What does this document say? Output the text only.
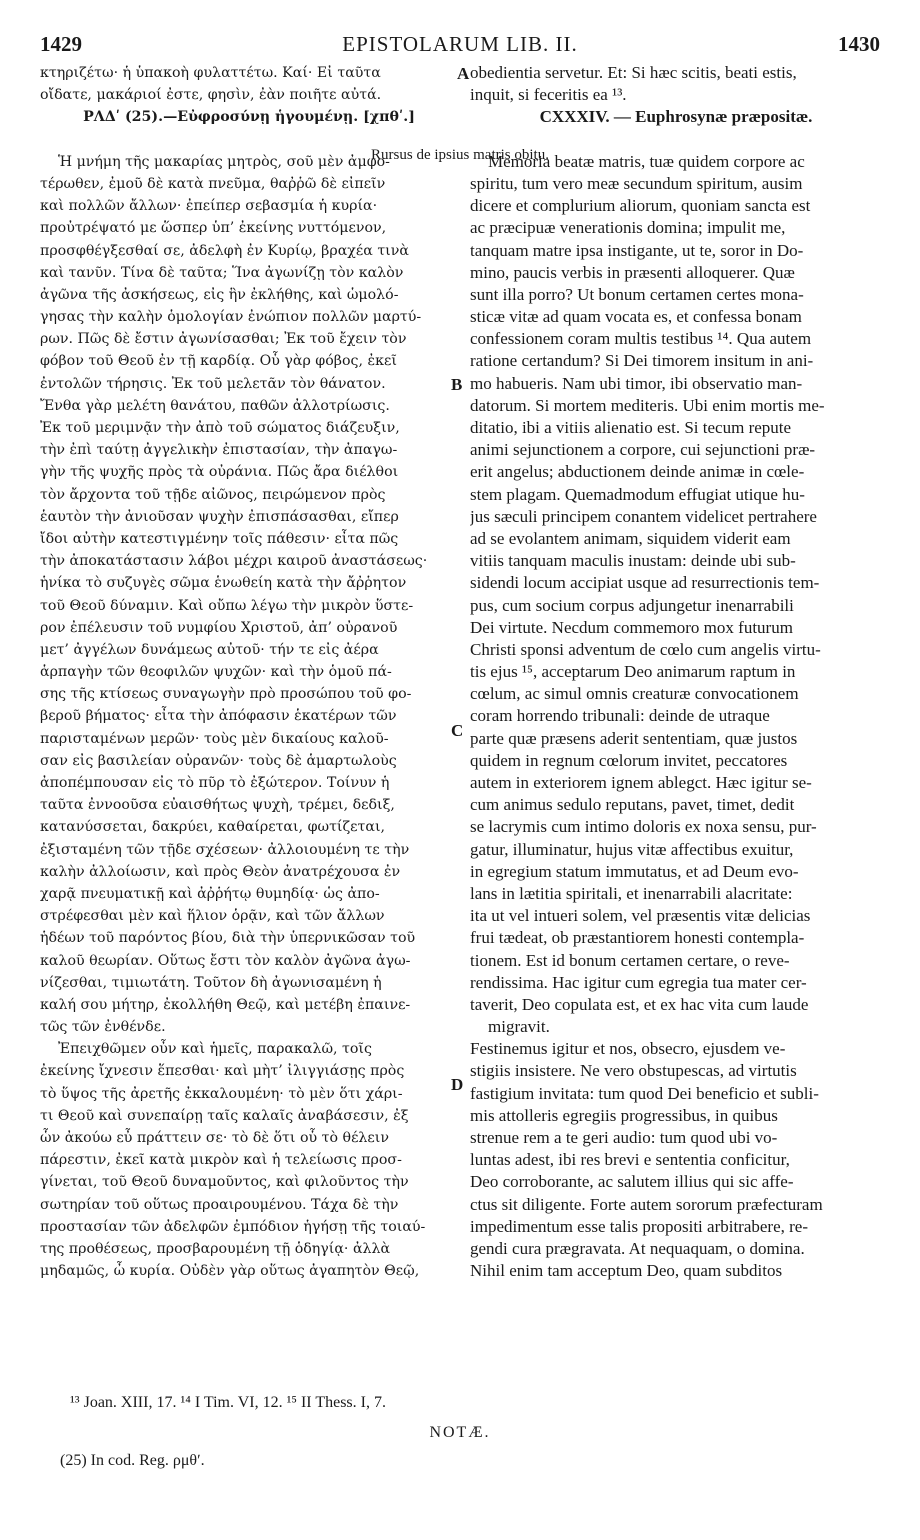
1429	EPISTOLARUM LIB. II.	1430
κτηριζέτω· ἡ ὑπακοὴ φυλαττέτω. Καί· Εἰ ταῦτα
οἴδατε, μακάριοί ἐστε, φησὶν, ἐὰν ποιῆτε αὐτά.
ΡΛΔʹ (25).—Εὐφροσύνῃ ἡγουμένῃ. [χπθʹ.]
Ἡ μνήμη τῆς μακαρίας μητρὸς, σοῦ μὲν ἀμφο-
τέρωθεν, ἐμοῦ δὲ κατὰ πνεῦμα, θαῤῥῶ δὲ εἰπεῖν
καὶ πολλῶν ἄλλων· ἐπείπερ σεβασμία ἡ κυρία·
προὐτρέψατό με ὥσπερ ὑπ’ ἐκείνης νυττόμενον,
προσφθέγξεσθαί σε, ἀδελφὴ ἐν Κυρίῳ, βραχέα τινὰ
καὶ τανῦν. Τίνα δὲ ταῦτα; Ἵνα ἀγωνίζῃ τὸν καλὸν
ἀγῶνα τῆς ἀσκήσεως, εἰς ἣν ἐκλήθης, καὶ ὡμολό-
γησας τὴν καλὴν ὁμολογίαν ἐνώπιον πολλῶν μαρτύ-
ρων. Πῶς δὲ ἔστιν ἀγωνίσασθαι; Ἐκ τοῦ ἔχειν τὸν
φόβον τοῦ Θεοῦ ἐν τῇ καρδίᾳ. Οὗ γὰρ φόβος, ἐκεῖ
ἐντολῶν τήρησις. Ἐκ τοῦ μελετᾶν τὸν θάνατον.
Ἔνθα γὰρ μελέτη θανάτου, παθῶν ἀλλοτρίωσις.
Ἐκ τοῦ μεριμνᾷν τὴν ἀπὸ τοῦ σώματος διάζευξιν,
τὴν ἐπὶ ταύτῃ ἀγγελικὴν ἐπιστασίαν, τὴν ἀπαγω-
γὴν τῆς ψυχῆς πρὸς τὰ οὐράνια. Πῶς ἄρα διέλθοι
τὸν ἄρχοντα τοῦ τῇδε αἰῶνος, πειρώμενον πρὸς
ἑαυτὸν τὴν ἀνιοῦσαν ψυχὴν ἐπισπάσασθαι, εἴπερ
ἴδοι αὐτὴν κατεστιγμένην τοῖς πάθεσιν· εἶτα πῶς
τὴν ἀποκατάστασιν λάβοι μέχρι καιροῦ ἀναστάσεως·
ἡνίκα τὸ συζυγὲς σῶμα ἑνωθείη κατὰ τὴν ἄῤῥητον
τοῦ Θεοῦ δύναμιν. Καὶ οὔπω λέγω τὴν μικρὸν ὕστε-
ρον ἐπέλευσιν τοῦ νυμφίου Χριστοῦ, ἀπ’ οὐρανοῦ
μετ’ ἀγγέλων δυνάμεως αὐτοῦ· τήν τε εἰς ἀέρα
ἁρπαγὴν τῶν θεοφιλῶν ψυχῶν· καὶ τὴν ὁμοῦ πά-
σης τῆς κτίσεως συναγωγὴν πρὸ προσώπου τοῦ φο-
βεροῦ βήματος· εἶτα τὴν ἀπόφασιν ἑκατέρων τῶν
παρισταμένων μερῶν· τοὺς μὲν δικαίους καλοῦ-
σαν εἰς βασιλείαν οὐρανῶν· τοὺς δὲ ἁμαρτωλοὺς
ἀποπέμπουσαν εἰς τὸ πῦρ τὸ ἐξώτερον. Τοίνυν ἡ
ταῦτα ἐννοοῦσα εὐαισθήτως ψυχὴ, τρέμει, δεδιξ,
κατανύσσεται, δακρύει, καθαίρεται, φωτίζεται,
ἐξισταμένη τῶν τῇδε σχέσεων· ἀλλοιουμένη τε τὴν
καλὴν ἀλλοίωσιν, καὶ πρὸς Θεὸν ἀνατρέχουσα ἐν
χαρᾷ πνευματικῇ καὶ ἀῤῥήτῳ θυμηδίᾳ· ὡς ἀπο-
στρέφεσθαι μὲν καὶ ἥλιον ὁρᾷν, καὶ τῶν ἄλλων
ἡδέων τοῦ παρόντος βίου, διὰ τὴν ὑπερνικῶσαν τοῦ
καλοῦ θεωρίαν. Οὕτως ἔστι τὸν καλὸν ἀγῶνα ἀγω-
νίζεσθαι, τιμιωτάτη. Τοῦτον δὴ ἀγωνισαμένη ἡ
καλή σου μήτηρ, ἐκολλήθη Θεῷ, καὶ μετέβη ἐπαινε-
τῶς τῶν ἐνθένδε.
Ἐπειχθῶμεν οὖν καὶ ἡμεῖς, παρακαλῶ, τοῖς
ἐκείνης ἴχνεσιν ἕπεσθαι· καὶ μὴτ’ ἰλιγγιάσῃς πρὸς
τὸ ὕψος τῆς ἀρετῆς ἐκκαλουμένη· τὸ μὲν ὅτι χάρι-
τι Θεοῦ καὶ συνεπαίρῃ ταῖς καλαῖς ἀναβάσεσιν, ἐξ
ὧν ἀκούω εὖ πράττειν σε· τὸ δὲ ὅτι οὗ τὸ θέλειν
πάρεστιν, ἐκεῖ κατὰ μικρὸν καὶ ἡ τελείωσις προσ-
γίνεται, τοῦ Θεοῦ δυναμοῦντος, καὶ φιλοῦντος τὴν
σωτηρίαν τοῦ οὕτως προαιρουμένου. Τάχα δὲ τὴν
προστασίαν τῶν ἀδελφῶν ἐμπόδιον ἡγήσῃ τῆς τοιαύ-
της προθέσεως, προσβαρουμένη τῇ ὁδηγίᾳ· ἀλλὰ
μηδαμῶς, ὦ κυρία. Οὐδὲν γὰρ οὕτως ἀγαπητὸν Θεῷ,
obedientia servetur. Et: Si hæc scitis, beati estis,
inquit, si feceritis ea ¹³.
CXXXIV. — Euphrosynæ præpositæ.
Memoria beatæ matris, tuæ quidem corpore ac
spiritu, tum vero meæ secundum spiritum, ausim
dicere et complurium aliorum, quoniam sancta est
ac præcipuæ venerationis domina; impulit me,
tanquam matre ipsa instigante, ut te, soror in Do-
mino, paucis verbis in præsenti alloquerer. Quæ
sunt illa porro? Ut bonum certamen certes mona-
sticæ vitæ ad quam vocata es, et confessa bonam
confessionem coram multis testibus ¹⁴. Qua autem
ratione certandum? Si Dei timorem insitum in ani-
mo habueris. Nam ubi timor, ibi observatio man-
datorum. Si mortem mediteris. Ubi enim mortis me-
ditatio, ibi a vitiis alienatio est. Si tecum repute
animi sejunctionem a corpore, cui sejunctioni præ-
erit angelus; abductionem deinde animæ in cœle-
stem plagam. Quemadmodum effugiat utique hu-
jus sæculi principem conantem videlicet pertrahere
ad se evolantem animam, siquidem viderit eam
vitiis tanquam maculis inustam: deinde ubi sub-
sidendi locum accipiat usque ad resurrectionis tem-
pus, cum socium corpus adjungetur inenarrabili
Dei virtute. Necdum commemoro mox futurum
Christi sponsi adventum de cœlo cum angelis virtu-
tis ejus ¹⁵, acceptarum Deo animarum raptum in
cœlum, ac simul omnis creaturæ convocationem
coram horrendo tribunali: deinde de utraque
parte quæ præsens aderit sententiam, quæ justos
quidem in regnum cœlorum invitet, peccatores
autem in exteriorem ignem ablegct. Hæc igitur se-
cum animus sedulo reputans, pavet, timet, dedit
se lacrymis cum intimo doloris ex noxa sensu, pur-
gatur, illuminatur, hujus vitæ affectibus exuitur,
in egregium statum immutatus, et ad Deum evo-
lans in lætitia spiritali, et inenarrabili alacritate:
ita ut vel intueri solem, vel præsentis vitæ delicias
frui tædeat, ob præstantiorem honesti contempla-
tionem. Est id bonum certamen certare, o reve-
rendissima. Hac igitur cum egregia tua mater cer-
taverit, Deo copulata est, et ex hac vita cum laude
migravit.
Festinemus igitur et nos, obsecro, ejusdem ve-
stigiis insistere. Ne vero obstupescas, ad virtutis
fastigium invitata: tum quod Dei beneficio et subli-
mis attolleris egregiis progressibus, in quibus
strenue rem a te geri audio: tum quod ubi vo-
luntas adest, ibi res brevi e sententia conficitur,
Deo corroborante, ac salutem illius qui sic affe-
ctus sit diligente. Forte autem sororum præfecturam
impedimentum esse talis propositi arbitrabere, re-
gendi cura prægravata. At nequaquam, o domina.
Nihil enim tam acceptum Deo, quam subditos
Rursus de ipsius matris obitu.
A
B
C
D
¹³ Joan. XIII, 17. ¹⁴ I Tim. VI, 12. ¹⁵ II Thess. I, 7.
NOTÆ.
(25) In cod. Reg. ρμθʹ.
